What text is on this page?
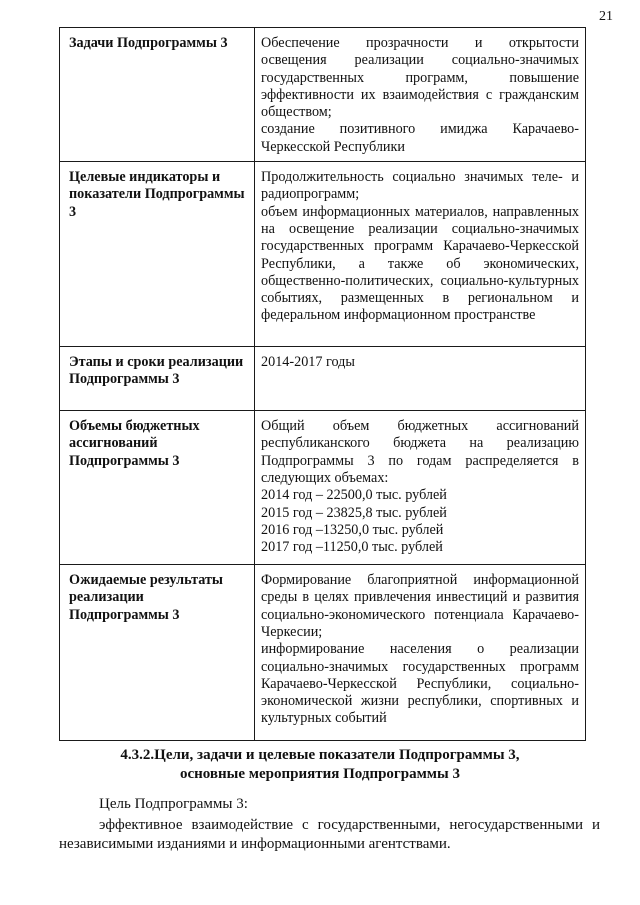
21
Задачи Подпрограммы 3	Обеспечение прозрачности и открытости освещения реализации социально-значимых государственных программ, повышение эффективности их взаимодействия с гражданским обществом;
создание позитивного имиджа Карачаево-Черкесской Республики

Целевые индикаторы и показатели Подпрограммы 3	Продолжительность социально значимых теле- и радиопрограмм;
объем информационных материалов, направленных на освещение реализации социально-значимых государственных программ Карачаево-Черкесской Республики, а также об экономических, общественно-политических, социально-культурных событиях, размещенных в региональном и федеральном информационном пространстве

Этапы и сроки реализации Подпрограммы 3	2014-2017 годы
Объемы бюджетных ассигнований Подпрограммы 3	Общий объем бюджетных ассигнований республиканского бюджета на реализацию Подпрограммы 3 по годам распределяется в следующих объемах:
2014 год – 22500,0 тыс. рублей
2015 год – 23825,8 тыс. рублей
2016 год –13250,0 тыс. рублей
2017 год –11250,0 тыс. рублей

Ожидаемые результаты реализации Подпрограммы 3	Формирование благоприятной информационной среды в целях привлечения инвестиций и развития социально-экономического потенциала Карачаево-Черкесии;
информирование населения о реализации социально-значимых государственных программ Карачаево-Черкесской Республики, социально-экономической жизни республики, спортивных и культурных событий
4.3.2.Цели, задачи и целевые показатели Подпрограммы 3,
основные мероприятия Подпрограммы 3
Цель Подпрограммы 3:
эффективное взаимодействие с государственными, негосударственными и независимыми изданиями и информационными агентствами.
